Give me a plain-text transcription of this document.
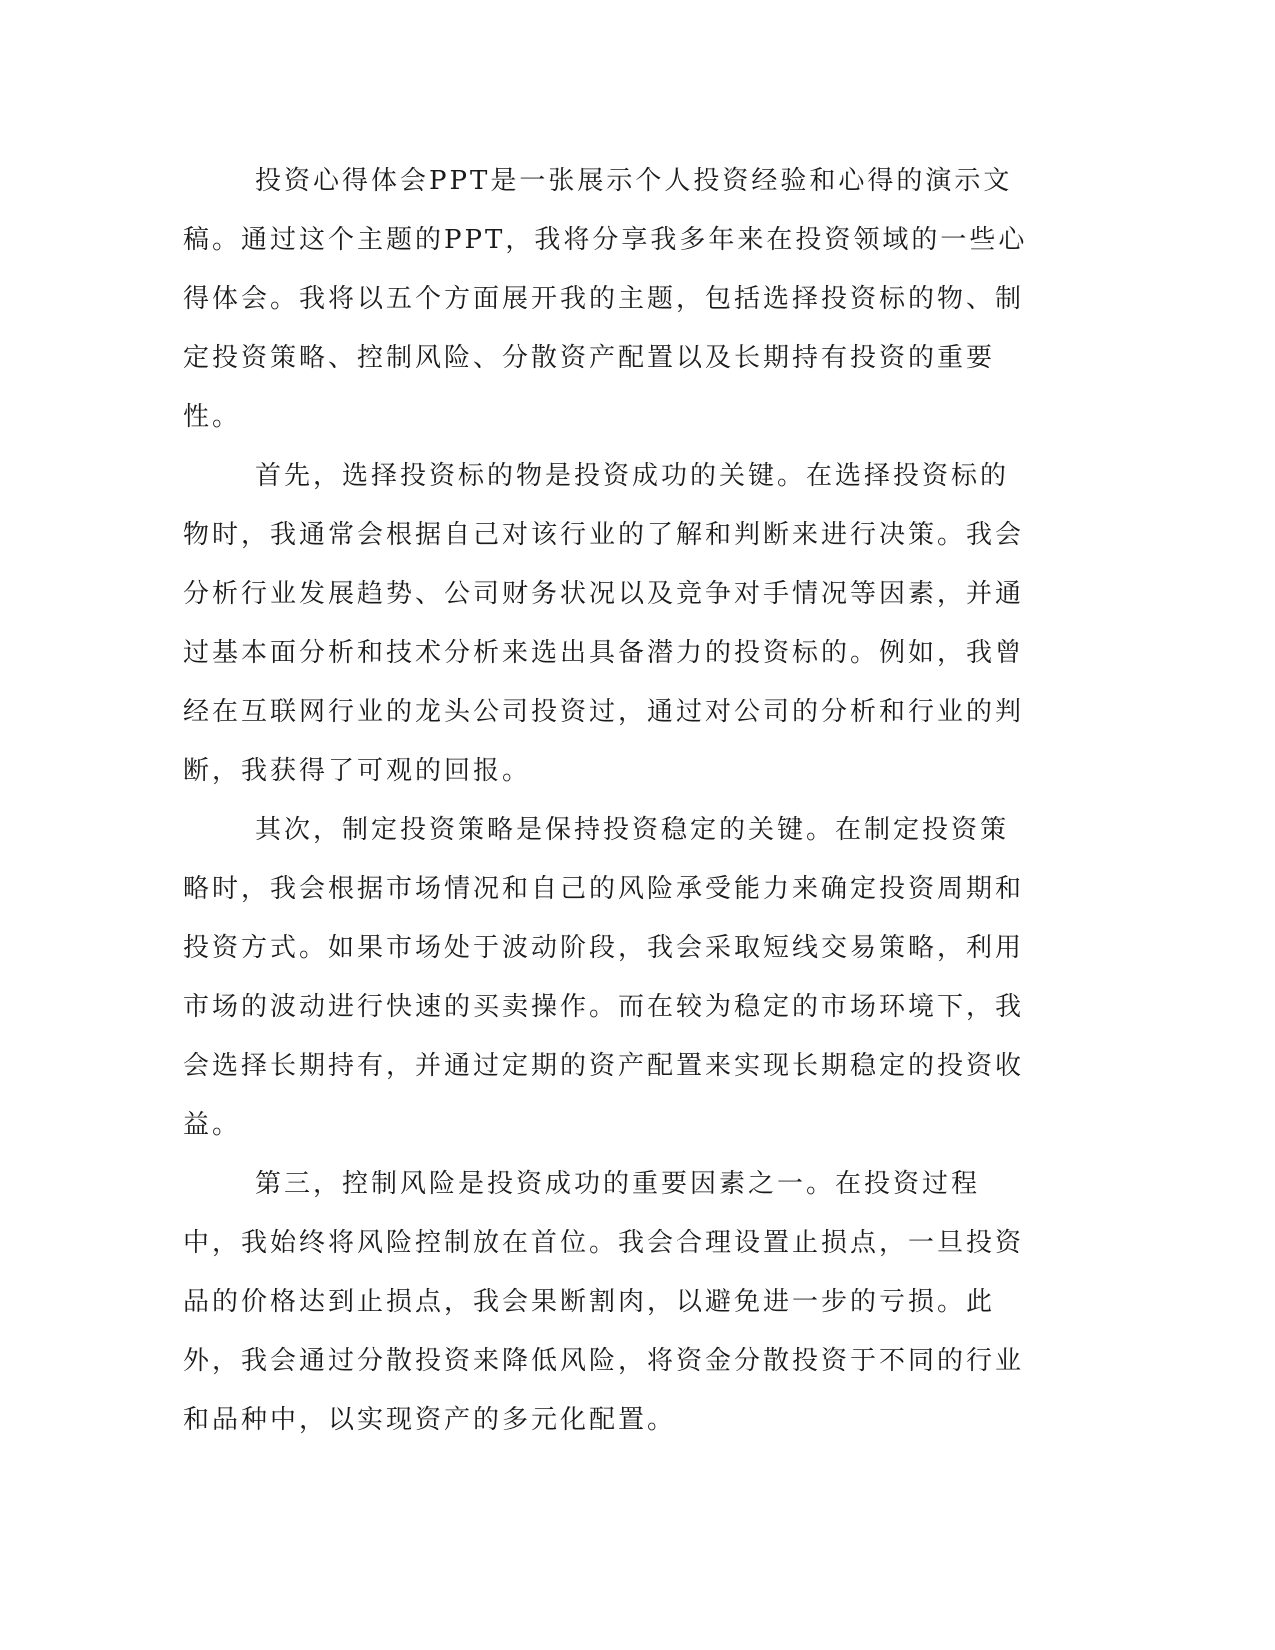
投资心得体会PPT是一张展示个人投资经验和心得的演示文稿。通过这个主题的PPT，我将分享我多年来在投资领域的一些心得体会。我将以五个方面展开我的主题，包括选择投资标的物、制定投资策略、控制风险、分散资产配置以及长期持有投资的重要性。

首先，选择投资标的物是投资成功的关键。在选择投资标的物时，我通常会根据自己对该行业的了解和判断来进行决策。我会分析行业发展趋势、公司财务状况以及竞争对手情况等因素，并通过基本面分析和技术分析来选出具备潜力的投资标的。例如，我曾经在互联网行业的龙头公司投资过，通过对公司的分析和行业的判断，我获得了可观的回报。

其次，制定投资策略是保持投资稳定的关键。在制定投资策略时，我会根据市场情况和自己的风险承受能力来确定投资周期和投资方式。如果市场处于波动阶段，我会采取短线交易策略，利用市场的波动进行快速的买卖操作。而在较为稳定的市场环境下，我会选择长期持有，并通过定期的资产配置来实现长期稳定的投资收益。

第三，控制风险是投资成功的重要因素之一。在投资过程中，我始终将风险控制放在首位。我会合理设置止损点，一旦投资品的价格达到止损点，我会果断割肉，以避免进一步的亏损。此外，我会通过分散投资来降低风险，将资金分散投资于不同的行业和品种中，以实现资产的多元化配置。
